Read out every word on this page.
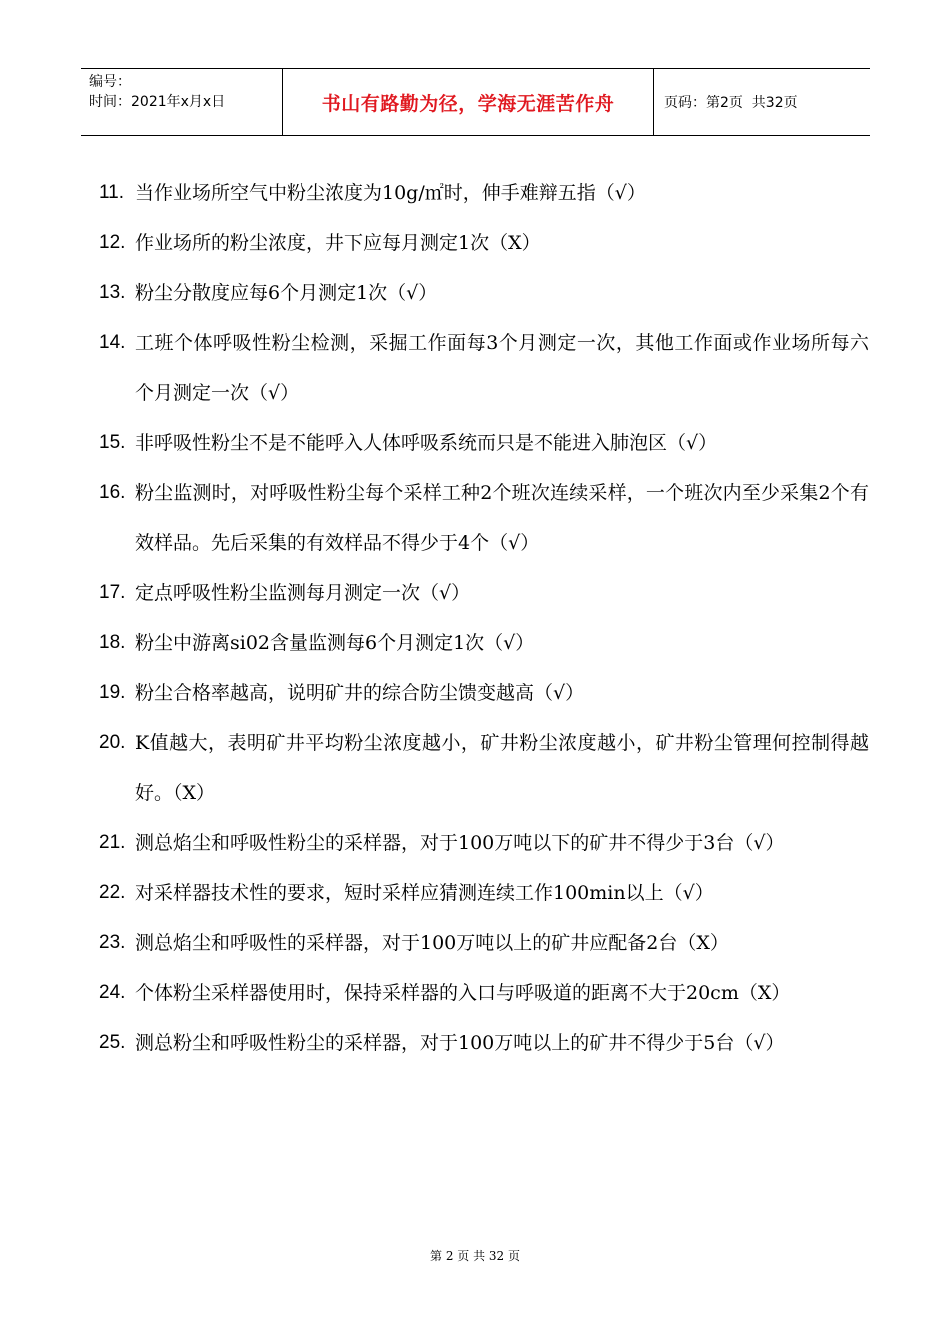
编号：
时间：2021年x月x日	书山有路勤为径，学海无涯苦作舟	页码：第2页  共32页
11. 当作业场所空气中粉尘浓度为10g/㎡时，伸手难辩五指（√）
12. 作业场所的粉尘浓度，井下应每月测定1次（X）
13. 粉尘分散度应每6个月测定1次（√）
14. 工班个体呼吸性粉尘检测，采掘工作面每3个月测定一次，其他工作面或作业场所每六个月测定一次（√）
15. 非呼吸性粉尘不是不能呼入人体呼吸系统而只是不能进入肺泡区（√）
16. 粉尘监测时，对呼吸性粉尘每个采样工种2个班次连续采样，一个班次内至少采集2个有效样品。先后采集的有效样品不得少于4个（√）
17. 定点呼吸性粉尘监测每月测定一次（√）
18. 粉尘中游离si02含量监测每6个月测定1次（√）
19. 粉尘合格率越高，说明矿井的综合防尘馈变越高（√）
20. K值越大，表明矿井平均粉尘浓度越小，矿井粉尘浓度越小，矿井粉尘管理何控制得越好。（X）
21. 测总焰尘和呼吸性粉尘的采样器，对于100万吨以下的矿井不得少于3台（√）
22. 对采样器技术性的要求，短时采样应猜测连续工作100min以上（√）
23. 测总焰尘和呼吸性的采样器，对于100万吨以上的矿井应配备2台（X）
24. 个体粉尘采样器使用时，保持采样器的入口与呼吸道的距离不大于20cm（X）
25. 测总粉尘和呼吸性粉尘的采样器，对于100万吨以上的矿井不得少于5台（√）
第 2 页 共 32 页
